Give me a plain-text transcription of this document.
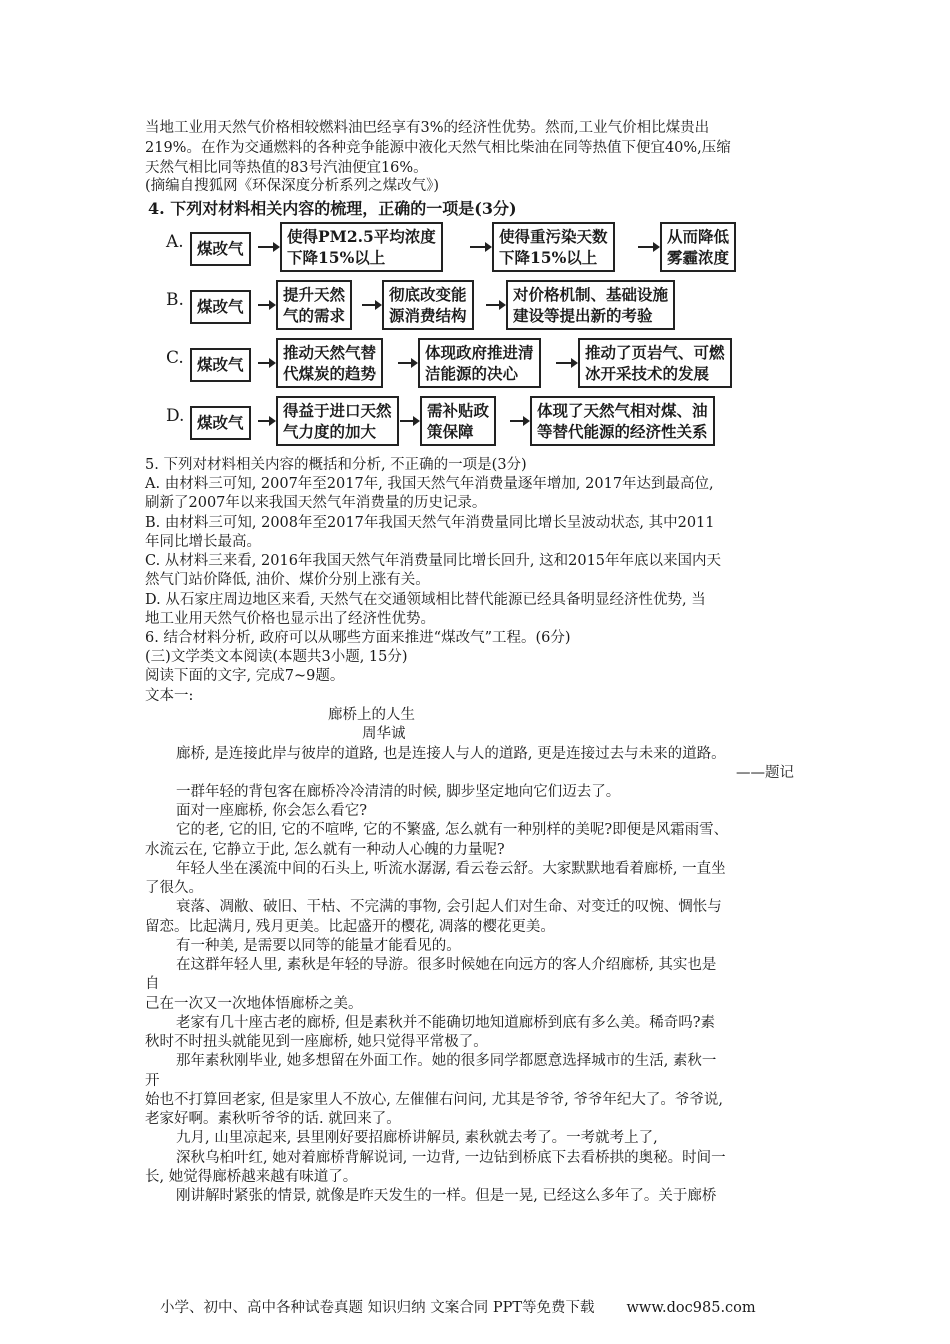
当地工业用天然气价格相较燃料油巴经享有3%的经济性优势。然而,工业气价相比煤贵出
219%。在作为交通燃料的各种竞争能源中液化天然气相比柴油在同等热值下便宜40%,压缩
天然气相比同等热值的83号汽油便宜16%。
(摘编自搜狐网《环保深度分析系列之煤改气》)
4. 下列对材料相关内容的梳理，正确的一项是(3分)
A. 煤改气
使得PM2.5平均浓度
下降15%以上
使得重污染天数
下降15%以上
从而降低
雾霾浓度
B. 煤改气
提升天然
气的需求
彻底改变能
源消费结构
对价格机制、基础设施
建设等提出新的考验
C. 煤改气
推动天然气替
代煤炭的趋势
体现政府推进清
洁能源的决心
推动了页岩气、可燃
冰开采技术的发展
D. 煤改气
得益于进口天然
气力度的加大
需补贴政
策保障
体现了天然气相对煤、油
等替代能源的经济性关系
5. 下列对材料相关内容的概括和分析, 不正确的一项是(3分)
A. 由材料三可知, 2007年至2017年, 我国天然气年消费量逐年增加, 2017年达到最高位,
刷新了2007年以来我国天然气年消费量的历史记录。
B. 由材料三可知, 2008年至2017年我国天然气年消费量同比增长呈波动状态, 其中2011
年同比增长最高。
C. 从材料三来看, 2016年我国天然气年消费量同比增长回升, 这和2015年年底以来国内天
然气门站价降低, 油价、煤价分别上涨有关。
D. 从石家庄周边地区来看, 天然气在交通领域相比替代能源已经具备明显经济性优势, 当
地工业用天然气价格也显示出了经济性优势。
6. 结合材料分析, 政府可以从哪些方面来推进“煤改气”工程。(6分)
(三)文学类文本阅读(本题共3小题, 15分)
阅读下面的文字, 完成7~9题。
文本一:
廊桥上的人生
周华诚
廊桥, 是连接此岸与彼岸的道路, 也是连接人与人的道路, 更是连接过去与未来的道路。
——题记
一群年轻的背包客在廊桥冷冷清清的时候, 脚步坚定地向它们迈去了。
面对一座廊桥, 你会怎么看它?
它的老, 它的旧, 它的不喧哗, 它的不繁盛, 怎么就有一种别样的美呢?即便是风霜雨雪、
水流云在, 它静立于此, 怎么就有一种动人心魄的力量呢?
年轻人坐在溪流中间的石头上, 听流水潺潺, 看云卷云舒。大家默默地看着廊桥, 一直坐
了很久。
衰落、凋敝、破旧、干枯、不完满的事物, 会引起人们对生命、对变迁的叹惋、惆怅与
留恋。比起满月, 残月更美。比起盛开的樱花, 凋落的樱花更美。
有一种美, 是需要以同等的能量才能看见的。
在这群年轻人里, 素秋是年轻的导游。很多时候她在向远方的客人介绍廊桥, 其实也是
自
己在一次又一次地体悟廊桥之美。
老家有几十座古老的廊桥, 但是素秋并不能确切地知道廊桥到底有多么美。稀奇吗?素
秋时不时扭头就能见到一座廊桥, 她只觉得平常极了。
那年素秋刚毕业, 她多想留在外面工作。她的很多同学都愿意选择城市的生活, 素秋一
开
始也不打算回老家, 但是家里人不放心, 左催催右问问, 尤其是爷爷, 爷爷年纪大了。爷爷说,
老家好啊。素秋听爷爷的话. 就回来了。
九月, 山里凉起来, 县里刚好要招廊桥讲解员, 素秋就去考了。一考就考上了,
深秋乌桕叶红, 她对着廊桥背解说词, 一边背, 一边钻到桥底下去看桥拱的奥秘。时间一
长, 她觉得廊桥越来越有味道了。
刚讲解时紧张的情景, 就像是昨天发生的一样。但是一晃, 已经这么多年了。关于廊桥
小学、初中、高中各种试卷真题 知识归纳 文案合同 PPT等免费下载 www.doc985.com
